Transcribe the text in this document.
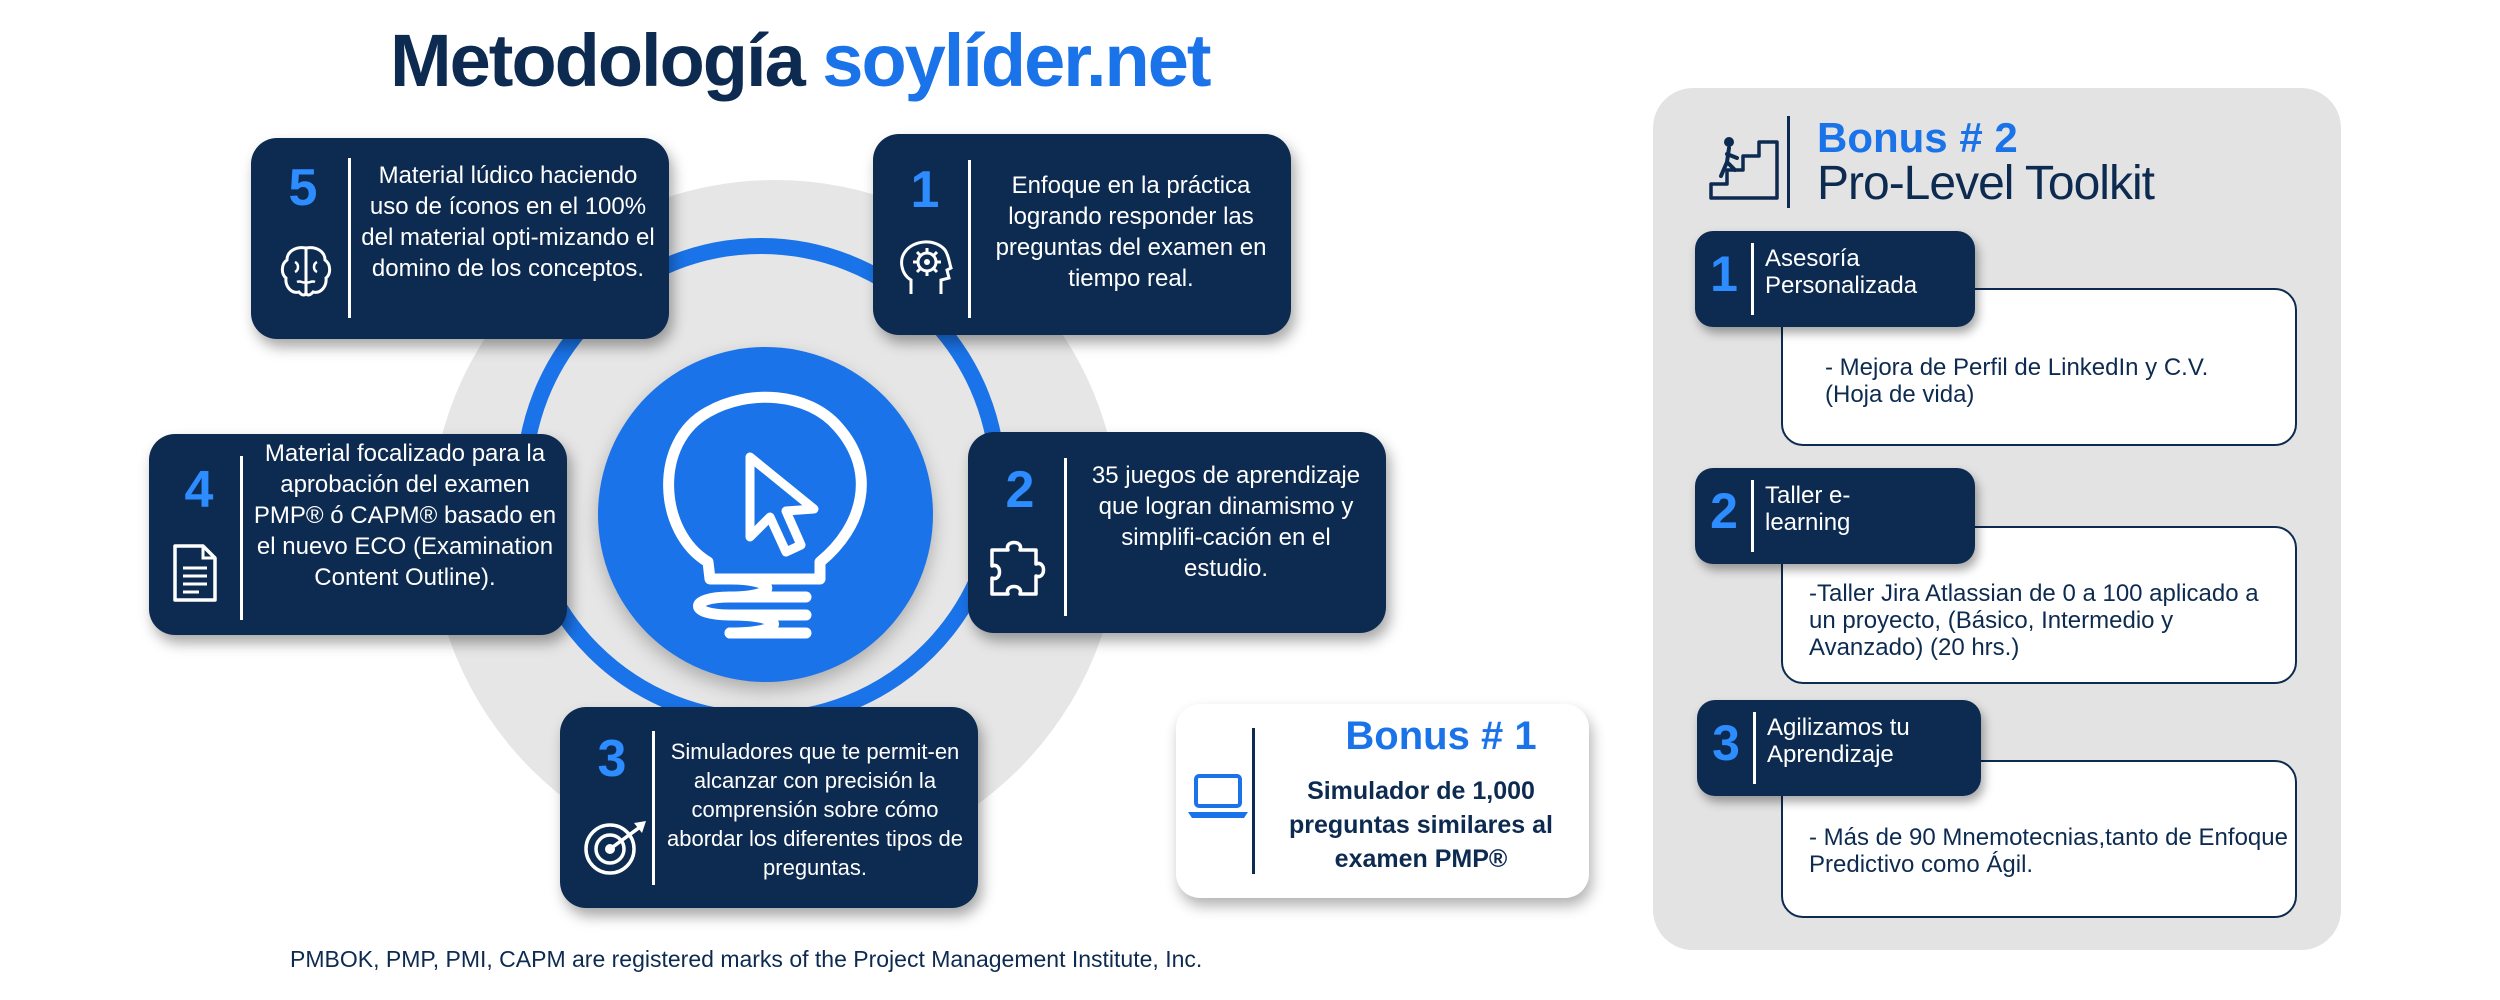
Metodología soylíder.net
5	Material lúdico haciendo uso de íconos en el 100% del material opti-mizando el domino de los conceptos.
1	Enfoque en la práctica logrando responder las preguntas del examen en tiempo real.
4
Material focalizado para la aprobación del examen PMP® ó CAPM® basado en el nuevo ECO (Examination Content Outline).
2	35 juegos de aprendizaje que logran dinamismo y simplifi-cación en el estudio.
3	Simuladores que te permit-en alcanzar con precisión la comprensión sobre cómo abordar los diferentes tipos de preguntas.
Bonus # 1
Simulador de 1,000 preguntas similares al examen PMP®
Bonus # 2
Pro-Level Toolkit
- Mejora de Perfil de LinkedIn y C.V. (Hoja de vida)
1 Asesoría Personalizada
-Taller Jira Atlassian de 0 a 100 aplicado a un proyecto, (Básico, Intermedio y Avanzado) (20 hrs.)
2 Taller e-learning
- Más de 90 Mnemotecnias,tanto de Enfoque Predictivo como Ágil.
3 Agilizamos tu Aprendizaje
PMBOK, PMP, PMI, CAPM are registered marks of the Project Management Institute, Inc.
